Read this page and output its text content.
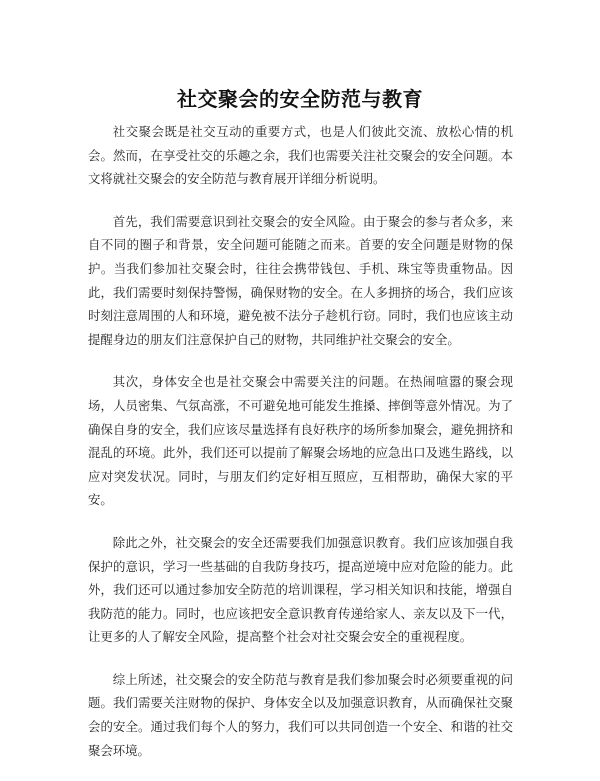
社交聚会的安全防范与教育

社交聚会既是社交互动的重要方式，也是人们彼此交流、放松心情的机会。然而，在享受社交的乐趣之余，我们也需要关注社交聚会的安全问题。本文将就社交聚会的安全防范与教育展开详细分析说明。

首先，我们需要意识到社交聚会的安全风险。由于聚会的参与者众多，来自不同的圈子和背景，安全问题可能随之而来。首要的安全问题是财物的保护。当我们参加社交聚会时，往往会携带钱包、手机、珠宝等贵重物品。因此，我们需要时刻保持警惕，确保财物的安全。在人多拥挤的场合，我们应该时刻注意周围的人和环境，避免被不法分子趁机行窃。同时，我们也应该主动提醒身边的朋友们注意保护自己的财物，共同维护社交聚会的安全。

其次，身体安全也是社交聚会中需要关注的问题。在热闹喧嚣的聚会现场，人员密集、气氛高涨，不可避免地可能发生推搡、摔倒等意外情况。为了确保自身的安全，我们应该尽量选择有良好秩序的场所参加聚会，避免拥挤和混乱的环境。此外，我们还可以提前了解聚会场地的应急出口及逃生路线，以应对突发状况。同时，与朋友们约定好相互照应，互相帮助，确保大家的平安。

除此之外，社交聚会的安全还需要我们加强意识教育。我们应该加强自我保护的意识，学习一些基础的自我防身技巧，提高逆境中应对危险的能力。此外，我们还可以通过参加安全防范的培训课程，学习相关知识和技能，增强自我防范的能力。同时，也应该把安全意识教育传递给家人、亲友以及下一代，让更多的人了解安全风险，提高整个社会对社交聚会安全的重视程度。

综上所述，社交聚会的安全防范与教育是我们参加聚会时必须要重视的问题。我们需要关注财物的保护、身体安全以及加强意识教育，从而确保社交聚会的安全。通过我们每个人的努力，我们可以共同创造一个安全、和谐的社交聚会环境。
